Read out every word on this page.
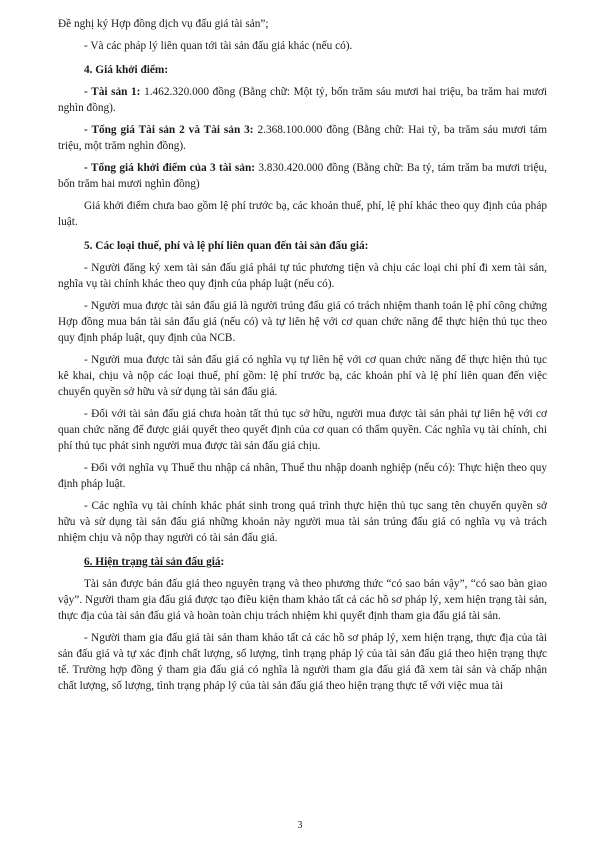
Đề nghị ký Hợp đồng dịch vụ đấu giá tài sản”;

- Và các pháp lý liên quan tới tài sản đấu giá khác (nếu có).

4. Giá khởi điểm:

- Tài sản 1: 1.462.320.000 đồng (Bằng chữ: Một tỷ, bốn trăm sáu mươi hai triệu, ba trăm hai mươi nghìn đồng).

- Tổng giá Tài sản 2 và Tài sản 3: 2.368.100.000 đồng (Bằng chữ: Hai tỷ, ba trăm sáu mươi tám triệu, một trăm nghìn đồng).

- Tổng giá khởi điểm của 3 tài sản: 3.830.420.000 đồng (Bằng chữ: Ba tỷ, tám trăm ba mươi triệu, bốn trăm hai mươi nghìn đồng)

Giá khởi điểm chưa bao gồm lệ phí trước bạ, các khoản thuế, phí, lệ phí khác theo quy định của pháp luật.

5. Các loại thuế, phí và lệ phí liên quan đến tài sản đấu giá:

- Người đăng ký xem tài sản đấu giá phải tự túc phương tiện và chịu các loại chi phí đi xem tài sản, nghĩa vụ tài chính khác theo quy định của pháp luật (nếu có).

- Người mua được tài sản đấu giá là người trúng đấu giá có trách nhiệm thanh toán lệ phí công chứng Hợp đồng mua bán tài sản đấu giá (nếu có) và tự liên hệ với cơ quan chức năng để thực hiện thủ tục theo quy định pháp luật, quy định của NCB.

- Người mua được tài sản đấu giá có nghĩa vụ tự liên hệ với cơ quan chức năng để thực hiện thủ tục kê khai, chịu và nộp các loại thuế, phí gồm: lệ phí trước bạ, các khoản phí và lệ phí liên quan đến việc chuyển quyền sở hữu và sử dụng tài sản đấu giá.

- Đối với tài sản đấu giá chưa hoàn tất thủ tục sở hữu, người mua được tài sản phải tự liên hệ với cơ quan chức năng để được giải quyết theo quyết định của cơ quan có thẩm quyền. Các nghĩa vụ tài chính, chi phí thủ tục phát sinh người mua được tài sản đấu giá chịu.

- Đối với nghĩa vụ Thuế thu nhập cá nhân, Thuế thu nhập doanh nghiệp (nếu có): Thực hiện theo quy định pháp luật.

- Các nghĩa vụ tài chính khác phát sinh trong quá trình thực hiện thủ tục sang tên chuyển quyền sở hữu và sử dụng tài sản đấu giá những khoản này người mua tài sản trúng đấu giá có nghĩa vụ và trách nhiệm chịu và nộp thay người có tài sản đấu giá.

6. Hiện trạng tài sản đấu giá:

Tài sản được bán đấu giá theo nguyên trạng và theo phương thức “có sao bán vậy”, “có sao bàn giao vậy”. Người tham gia đấu giá được tạo điều kiện tham khảo tất cả các hồ sơ pháp lý, xem hiện trạng tài sản, thực địa của tài sản đấu giá và hoàn toàn chịu trách nhiệm khi quyết định tham gia đấu giá tài sản.

- Người tham gia đấu giá tài sản tham khảo tất cả các hồ sơ pháp lý, xem hiện trạng, thực địa của tài sản đấu giá và tự xác định chất lượng, số lượng, tình trạng pháp lý của tài sản đấu giá theo hiện trạng thực tế. Trường hợp đồng ý tham gia đấu giá có nghĩa là người tham gia đấu giá đã xem tài sản và chấp nhận chất lượng, số lượng, tình trạng pháp lý của tài sản đấu giá theo hiện trạng thực tế với việc mua tài

3
